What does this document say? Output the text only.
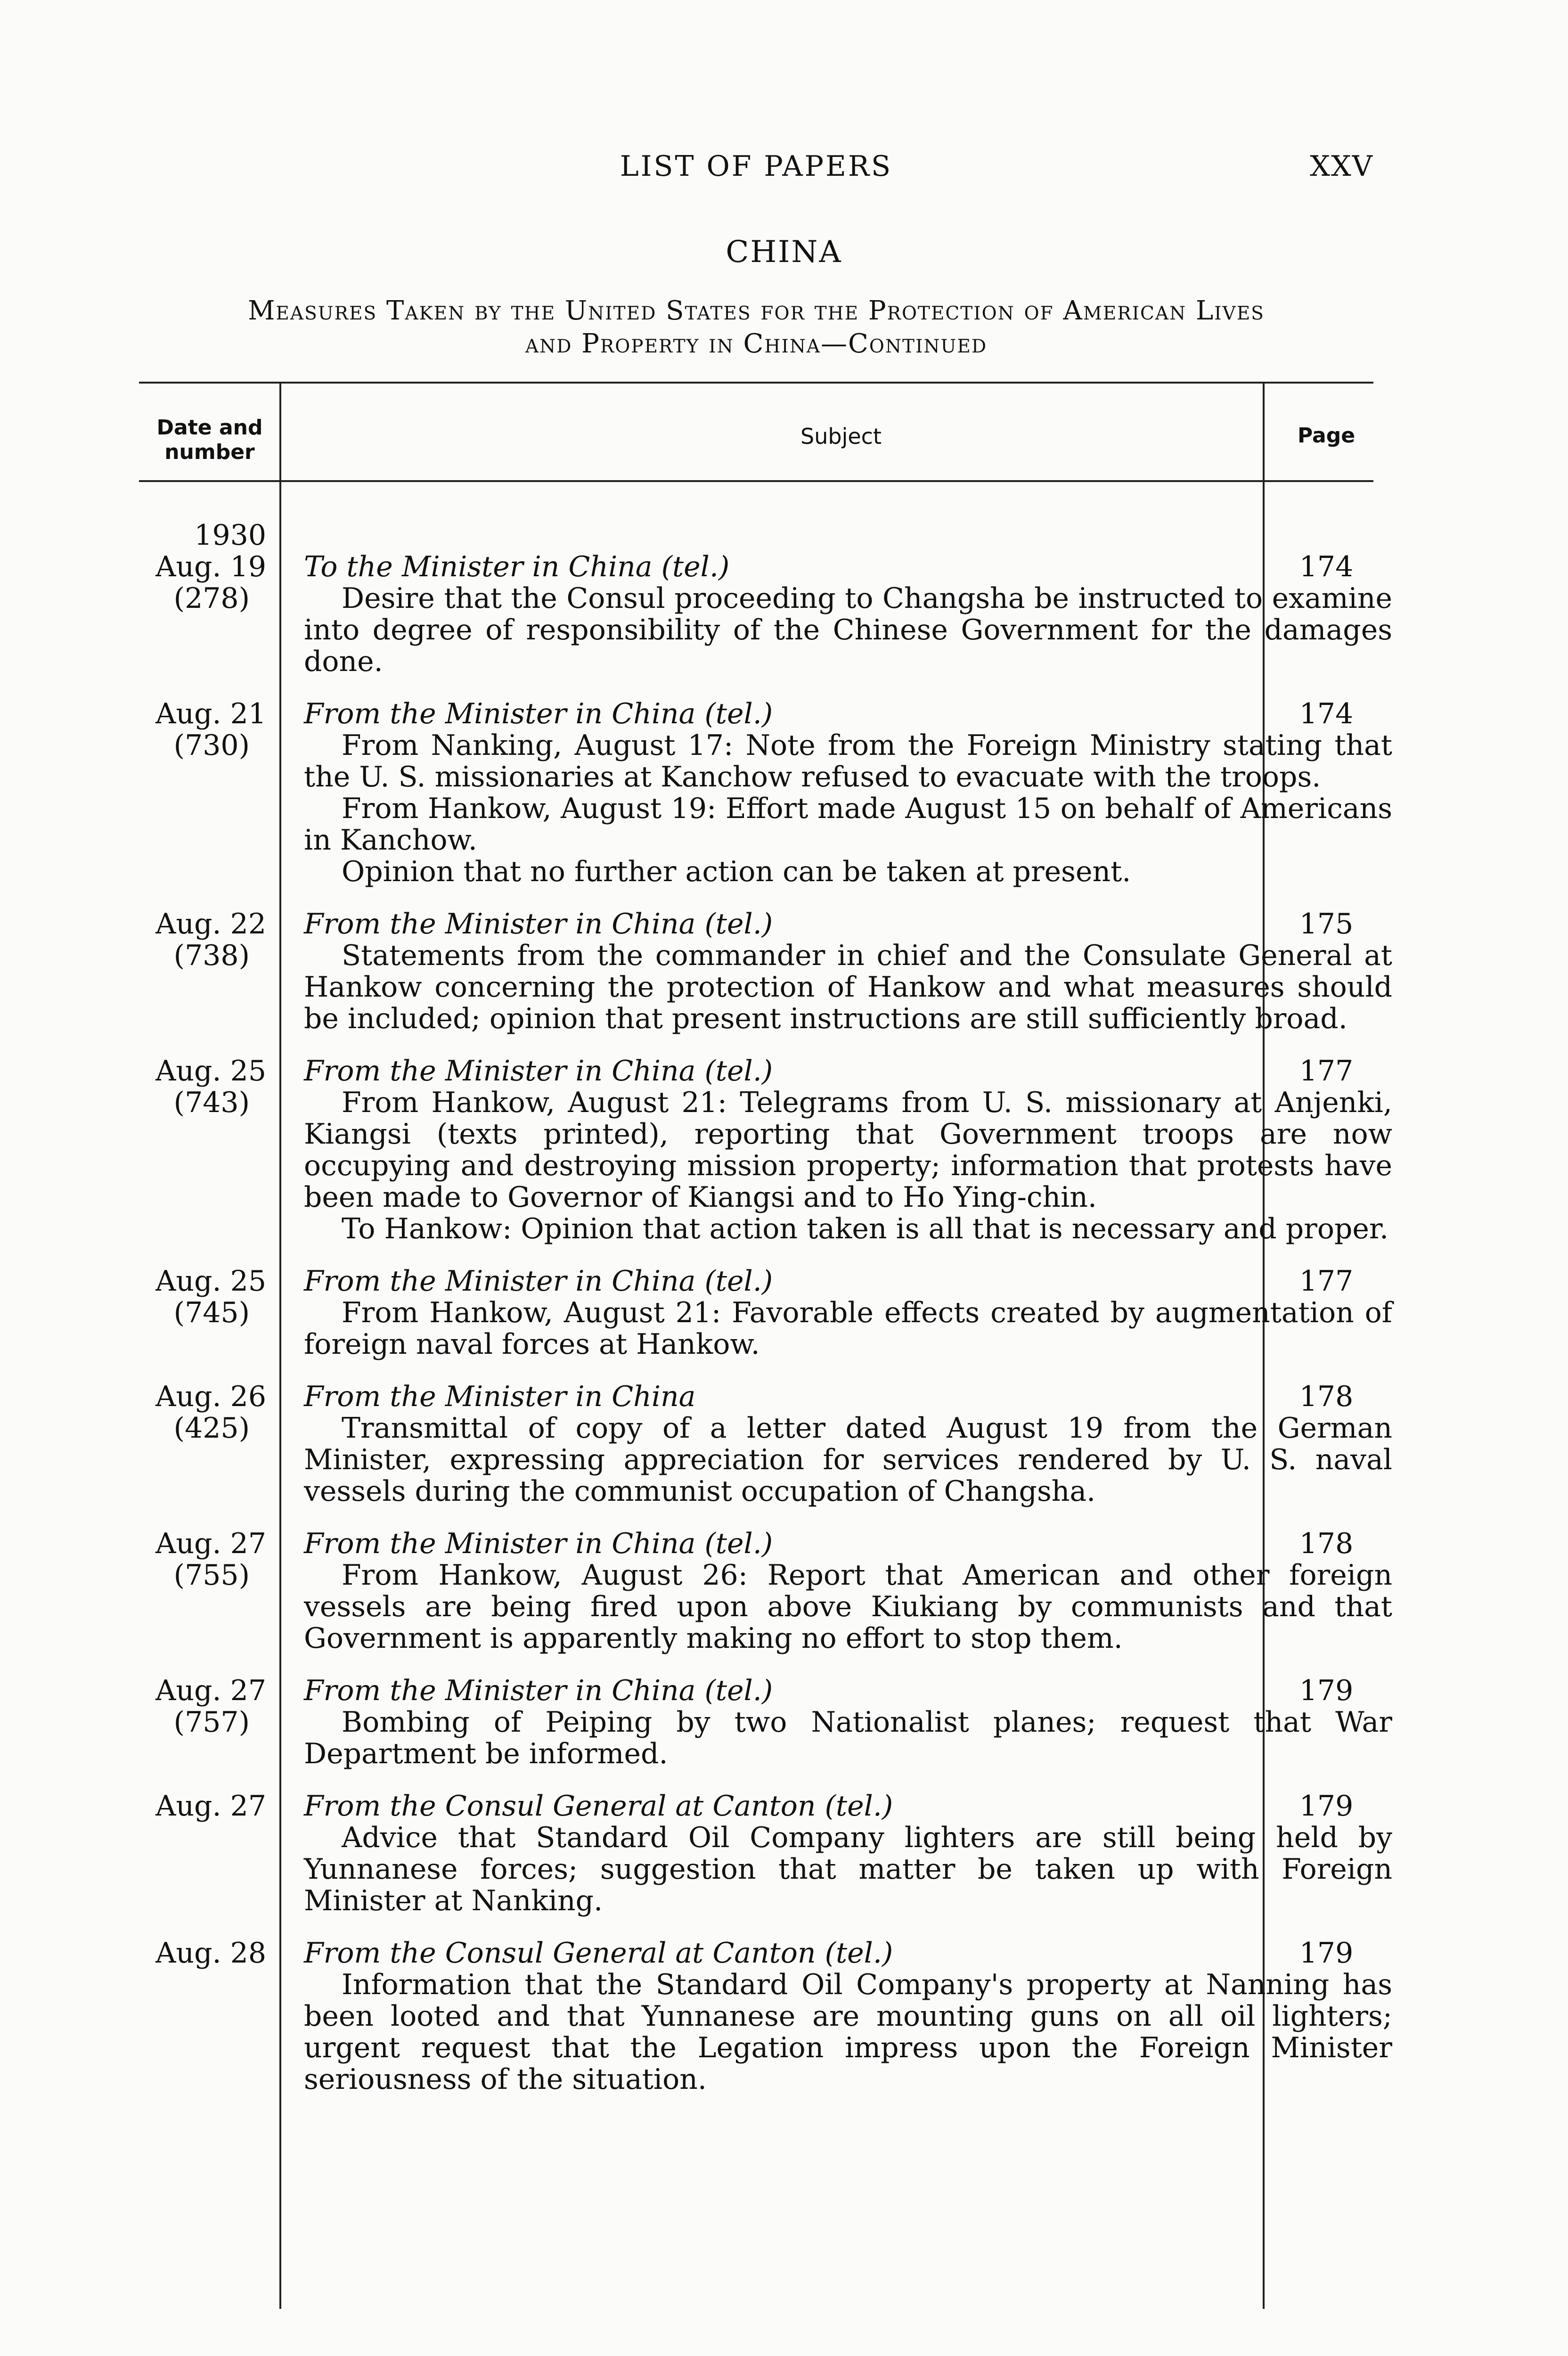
LIST OF PAPERS	XXV
CHINA
Measures Taken by the United States for the Protection of American Lives
and Property in China—Continued
Date and
number
Subject	Page
1930
Aug. 19
(278)

To the Minister in China (tel.)

Desire that the Consul proceeding to Changsha be instructed to examine into degree of responsibility of the Chinese Government for the damages done.

174
Aug. 21
(730)
From the Minister in China (tel.)

From Nanking, August 17: Note from the Foreign Ministry stating that the U. S. missionaries at Kanchow refused to evacuate with the troops.

From Hankow, August 19: Effort made August 15 on behalf of Americans in Kanchow.

Opinion that no further action can be taken at present.

174
Aug. 22
(738)
From the Minister in China (tel.)

Statements from the commander in chief and the Consulate General at Hankow concerning the protection of Hankow and what measures should be included; opinion that present instructions are still sufficiently broad.

175
Aug. 25
(743)
From the Minister in China (tel.)

From Hankow, August 21: Telegrams from U. S. missionary at Anjenki, Kiangsi (texts printed), reporting that Government troops are now occupying and destroying mission property; information that protests have been made to Governor of Kiangsi and to Ho Ying-chin.

To Hankow: Opinion that action taken is all that is necessary and proper.

177
Aug. 25
(745)
From the Minister in China (tel.)

From Hankow, August 21: Favorable effects created by augmentation of foreign naval forces at Hankow.

177
Aug. 26
(425)
From the Minister in China

Transmittal of copy of a letter dated August 19 from the German Minister, expressing appreciation for services rendered by U. S. naval vessels during the communist occupation of Changsha.

178
Aug. 27
(755)
From the Minister in China (tel.)

From Hankow, August 26: Report that American and other foreign vessels are being fired upon above Kiukiang by communists and that Government is apparently making no effort to stop them.

178
Aug. 27
(757)
From the Minister in China (tel.)

Bombing of Peiping by two Nationalist planes; request that War Department be informed.

179
Aug. 27 From the Consul General at Canton (tel.)

Advice that Standard Oil Company lighters are still being held by Yunnanese forces; suggestion that matter be taken up with Foreign Minister at Nanking.

179
Aug. 28 From the Consul General at Canton (tel.)

Information that the Standard Oil Company's property at Nanning has been looted and that Yunnanese are mounting guns on all oil lighters; urgent request that the Legation impress upon the Foreign Minister seriousness of the situation.

179
